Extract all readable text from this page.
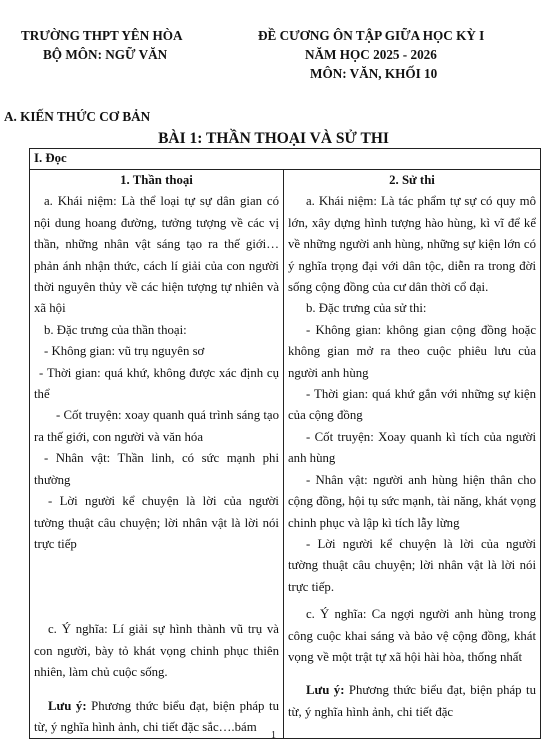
TRƯỜNG THPT YÊN HÒA
BỘ MÔN: NGỮ VĂN
ĐỀ CƯƠNG ÔN TẬP GIỮA HỌC KỲ I
NĂM HỌC 2025 - 2026
MÔN: VĂN, KHỐI 10
A. KIẾN THỨC CƠ BẢN
BÀI 1: THẦN THOẠI VÀ SỬ THI
I. Đọc

1. Thần thoại
a. Khái niệm: Là thể loại tự sự dân gian có nội dung hoang đường, tưởng tượng về các vị thần, những nhân vật sáng tạo ra thế giới…phản ánh nhận thức, cách lí giải của con người thời nguyên thủy về các hiện tượng tự nhiên và xã hội
b. Đặc trưng của thần thoại:
- Không gian: vũ trụ nguyên sơ
- Thời gian: quá khứ, không được xác định cụ thể
- Cốt truyện: xoay quanh quá trình sáng tạo ra thế giới, con người và văn hóa
- Nhân vật: Thần linh, có sức mạnh phi thường
- Lời người kể chuyện là lời của người tường thuật câu chuyện; lời nhân vật là lời nói trực tiếp
c. Ý nghĩa: Lí giải sự hình thành vũ trụ và con người, bày tỏ khát vọng chinh phục thiên nhiên, làm chủ cuộc sống.
Lưu ý: Phương thức biểu đạt, biện pháp tu từ, ý nghĩa hình ảnh, chi tiết đặc sắc….bám

2. Sử thi
a. Khái niệm: Là tác phẩm tự sự có quy mô lớn, xây dựng hình tượng hào hùng, kì vĩ để kể về những người anh hùng, những sự kiện lớn có ý nghĩa trọng đại với dân tộc, diễn ra trong đời sống cộng đồng của cư dân thời cổ đại.
b. Đặc trưng của sử thi:
- Không gian: không gian cộng đồng hoặc không gian mở ra theo cuộc phiêu lưu của người anh hùng
- Thời gian: quá khứ gắn với những sự kiện của cộng đồng
- Cốt truyện: Xoay quanh kì tích của người anh hùng
- Nhân vật: người anh hùng hiện thân cho cộng đồng, hội tụ sức mạnh, tài năng, khát vọng chinh phục và lập kì tích lẫy lừng
- Lời người kể chuyện là lời của người tường thuật câu chuyện; lời nhân vật là lời nói trực tiếp.
c. Ý nghĩa: Ca ngợi người anh hùng trong công cuộc khai sáng và bảo vệ cộng đồng, khát vọng về một trật tự xã hội hài hòa, thống nhất
Lưu ý: Phương thức biểu đạt, biện pháp tu từ, ý nghĩa hình ảnh, chi tiết đặc
1
